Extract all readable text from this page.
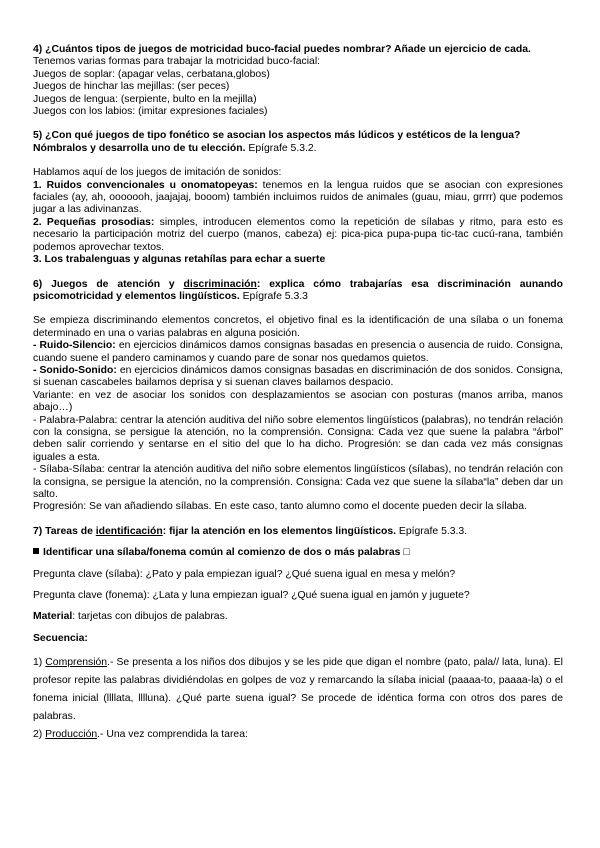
4) ¿Cuántos tipos de juegos de motricidad buco-facial puedes nombrar? Añade un ejercicio de cada.

Tenemos varias formas para trabajar la motricidad buco-facial:

Juegos de soplar: (apagar velas, cerbatana,globos)

Juegos de hinchar las mejillas: (ser peces)

Juegos de lengua: (serpiente, bulto en la mejilla)

Juegos con los labios: (imitar expresiones faciales)

5) ¿Con qué juegos de tipo fonético se asocian los aspectos más lúdicos y estéticos de la lengua? Nómbralos y desarrolla uno de tu elección. Epígrafe 5.3.2.

Hablamos aquí de los juegos de imitación de sonidos:

1. Ruidos convencionales u onomatopeyas: tenemos en la lengua ruidos que se asocian con expresiones faciales (ay, ah, ooooooh, jaajajaj, booom) también incluimos ruidos de animales (guau, miau, grrrr) que podemos jugar a las adivinanzas.

2. Pequeñas prosodias: simples, introducen elementos como la repetición de sílabas y ritmo, para esto es necesario la participación motriz del cuerpo (manos, cabeza) ej: pica-pica pupa-pupa tic-tac cucú-rana, también podemos aprovechar textos.

3. Los trabalenguas y algunas retahílas para echar a suerte

6) Juegos de atención y discriminación: explica cómo trabajarías esa discriminación aunando psicomotricidad y elementos lingüísticos. Epígrafe 5.3.3

Se empieza discriminando elementos concretos, el objetivo final es la identificación de una sílaba o un fonema determinado en una o varias palabras en alguna posición.

- Ruido-Silencio: en ejercicios dinámicos damos consignas basadas en presencia o ausencia de ruido. Consigna, cuando suene el pandero caminamos y cuando pare de sonar nos quedamos quietos.

- Sonido-Sonido: en ejercicios dinámicos damos consignas basadas en discriminación de dos sonidos. Consigna, si suenan cascabeles bailamos deprisa y si suenan claves bailamos despacio.

Variante: en vez de asociar los sonidos con desplazamientos se asocian con posturas (manos arriba, manos abajo…)

- Palabra-Palabra: centrar la atención auditiva del niño sobre elementos lingüísticos (palabras), no tendrán relación con la consigna, se persigue la atención, no la comprensión. Consigna: Cada vez que suene la palabra “árbol” deben salir corriendo y sentarse en el sitio del que lo ha dicho. Progresión: se dan cada vez más consignas iguales a esta.

- Sílaba-Sílaba: centrar la atención auditiva del niño sobre elementos lingüísticos (sílabas), no tendrán relación con la consigna, se persigue la atención, no la comprensión. Consigna: Cada vez que suene la sílaba“la” deben dar un salto.

Progresión: Se van añadiendo sílabas. En este caso, tanto alumno como el docente pueden decir la sílaba.

7) Tareas de identificación: fijar la atención en los elementos lingüísticos. Epígrafe 5.3.3.

Identificar una sílaba/fonema común al comienzo de dos o más palabras □

Pregunta clave (sílaba): ¿Pato y pala empiezan igual? ¿Qué suena igual en mesa y melón?

Pregunta clave (fonema): ¿Lata y luna empiezan igual? ¿Qué suena igual en jamón y juguete?

Material: tarjetas con dibujos de palabras.

Secuencia:

1) Comprensión.- Se presenta a los niños dos dibujos y se les pide que digan el nombre (pato, pala// lata, luna). El profesor repite las palabras dividiéndolas en golpes de voz y remarcando la sílaba inicial (paaaa-to, paaaa-la) o el fonema inicial (llllata, lllluna). ¿Qué parte suena igual? Se procede de idéntica forma con otros dos pares de palabras.

2) Producción.- Una vez comprendida la tarea:
